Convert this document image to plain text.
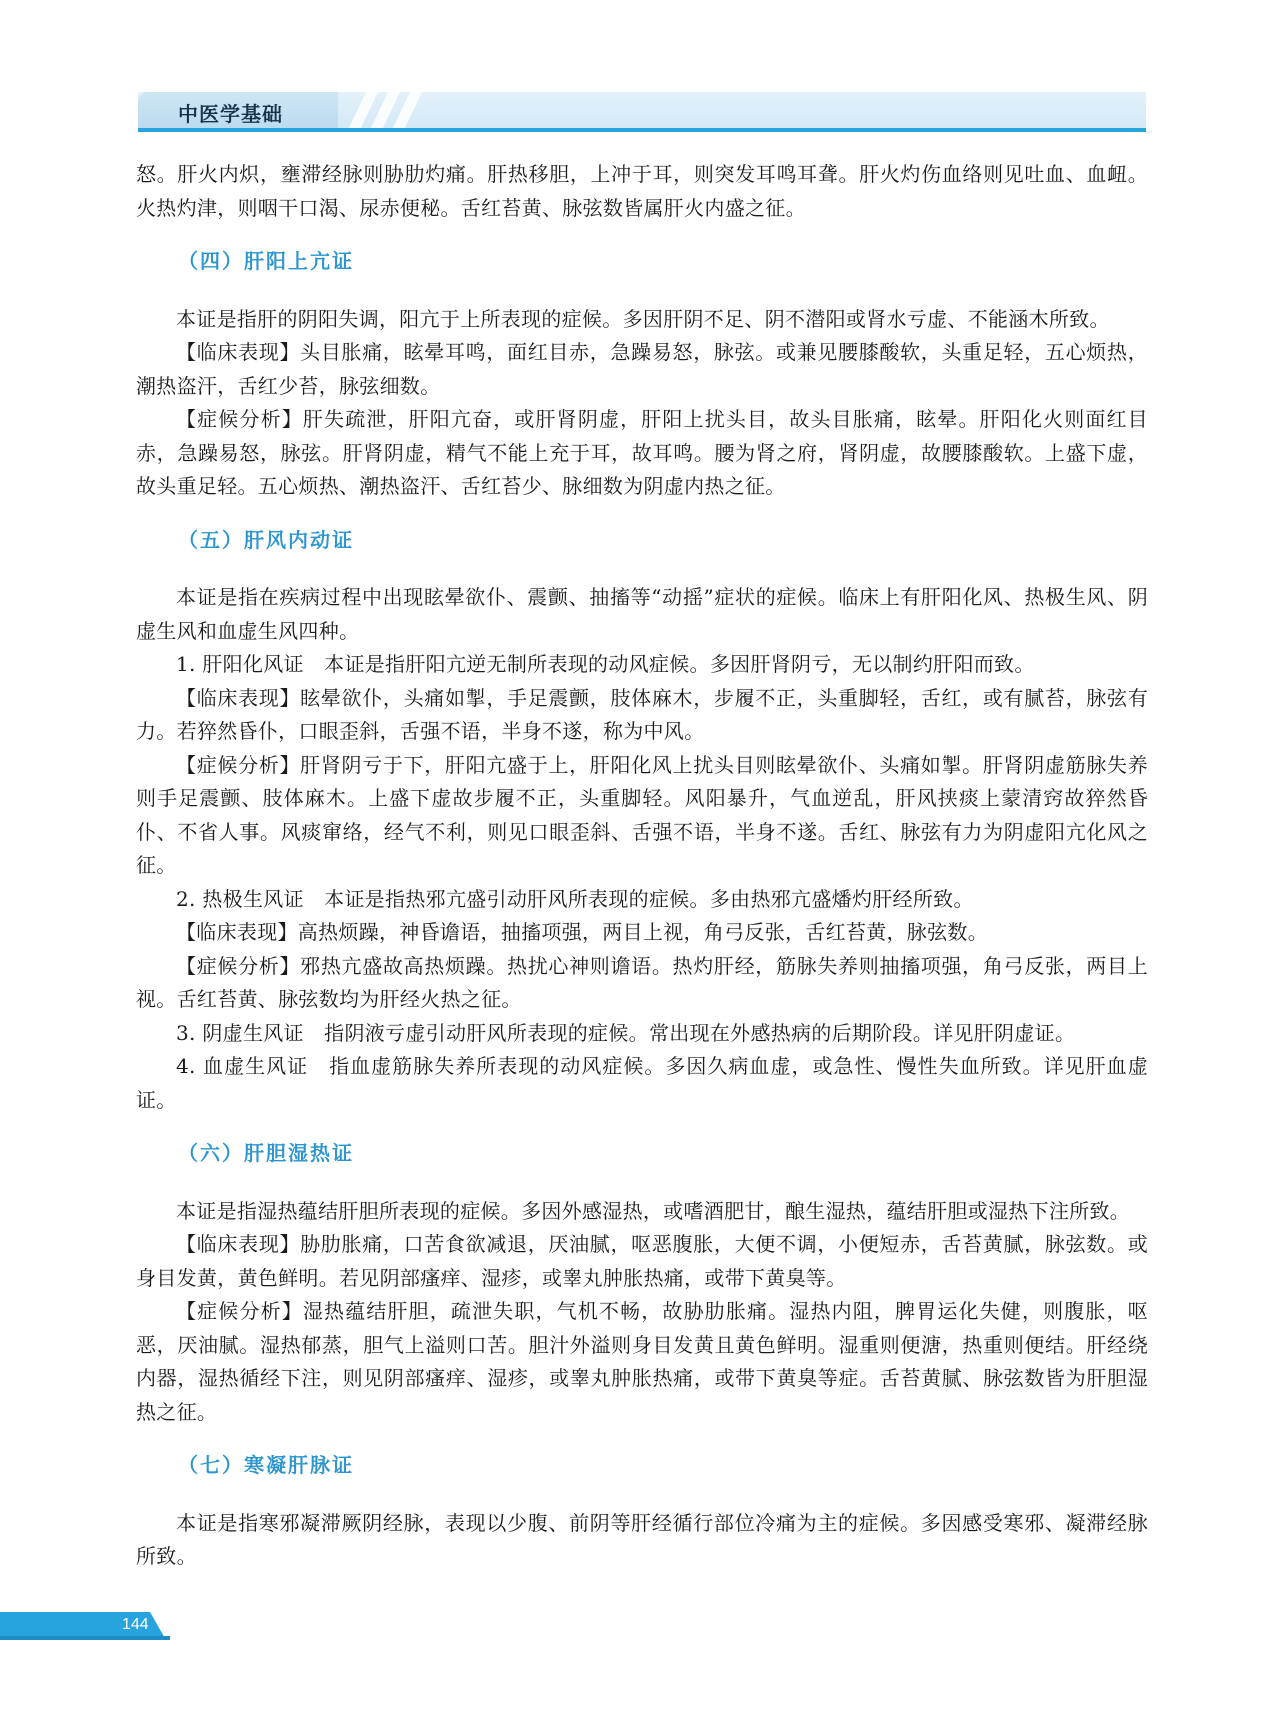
中医学基础

怒。肝火内炽，壅滞经脉则胁肋灼痛。肝热移胆，上冲于耳，则突发耳鸣耳聋。肝火灼伤血络则见吐血、血衄。火热灼津，则咽干口渴、尿赤便秘。舌红苔黄、脉弦数皆属肝火内盛之征。

（四）肝阳上亢证

本证是指肝的阴阳失调，阳亢于上所表现的症候。多因肝阴不足、阴不潜阳或肾水亏虚、不能涵木所致。

【临床表现】头目胀痛，眩晕耳鸣，面红目赤，急躁易怒，脉弦。或兼见腰膝酸软，头重足轻，五心烦热，潮热盗汗，舌红少苔，脉弦细数。

【症候分析】肝失疏泄，肝阳亢奋，或肝肾阴虚，肝阳上扰头目，故头目胀痛，眩晕。肝阳化火则面红目赤，急躁易怒，脉弦。肝肾阴虚，精气不能上充于耳，故耳鸣。腰为肾之府，肾阴虚，故腰膝酸软。上盛下虚，故头重足轻。五心烦热、潮热盗汗、舌红苔少、脉细数为阴虚内热之征。

（五）肝风内动证

本证是指在疾病过程中出现眩晕欲仆、震颤、抽搐等“动摇”症状的症候。临床上有肝阳化风、热极生风、阴虚生风和血虚生风四种。

1. 肝阳化风证　本证是指肝阳亢逆无制所表现的动风症候。多因肝肾阴亏，无以制约肝阳而致。

【临床表现】眩晕欲仆，头痛如掣，手足震颤，肢体麻木，步履不正，头重脚轻，舌红，或有腻苔，脉弦有力。若猝然昏仆，口眼歪斜，舌强不语，半身不遂，称为中风。

【症候分析】肝肾阴亏于下，肝阳亢盛于上，肝阳化风上扰头目则眩晕欲仆、头痛如掣。肝肾阴虚筋脉失养则手足震颤、肢体麻木。上盛下虚故步履不正，头重脚轻。风阳暴升，气血逆乱，肝风挟痰上蒙清窍故猝然昏仆、不省人事。风痰窜络，经气不利，则见口眼歪斜、舌强不语，半身不遂。舌红、脉弦有力为阴虚阳亢化风之征。

2. 热极生风证　本证是指热邪亢盛引动肝风所表现的症候。多由热邪亢盛燔灼肝经所致。

【临床表现】高热烦躁，神昏谵语，抽搐项强，两目上视，角弓反张，舌红苔黄，脉弦数。

【症候分析】邪热亢盛故高热烦躁。热扰心神则谵语。热灼肝经，筋脉失养则抽搐项强，角弓反张，两目上视。舌红苔黄、脉弦数均为肝经火热之征。

3. 阴虚生风证　指阴液亏虚引动肝风所表现的症候。常出现在外感热病的后期阶段。详见肝阴虚证。

4. 血虚生风证　指血虚筋脉失养所表现的动风症候。多因久病血虚，或急性、慢性失血所致。详见肝血虚证。

（六）肝胆湿热证

本证是指湿热蕴结肝胆所表现的症候。多因外感湿热，或嗜酒肥甘，酿生湿热，蕴结肝胆或湿热下注所致。

【临床表现】胁肋胀痛，口苦食欲减退，厌油腻，呕恶腹胀，大便不调，小便短赤，舌苔黄腻，脉弦数。或身目发黄，黄色鲜明。若见阴部瘙痒、湿疹，或睾丸肿胀热痛，或带下黄臭等。

【症候分析】湿热蕴结肝胆，疏泄失职，气机不畅，故胁肋胀痛。湿热内阻，脾胃运化失健，则腹胀，呕恶，厌油腻。湿热郁蒸，胆气上溢则口苦。胆汁外溢则身目发黄且黄色鲜明。湿重则便溏，热重则便结。肝经绕内器，湿热循经下注，则见阴部瘙痒、湿疹，或睾丸肿胀热痛，或带下黄臭等症。舌苔黄腻、脉弦数皆为肝胆湿热之征。

（七）寒凝肝脉证

本证是指寒邪凝滞厥阴经脉，表现以少腹、前阴等肝经循行部位冷痛为主的症候。多因感受寒邪、凝滞经脉所致。

144
